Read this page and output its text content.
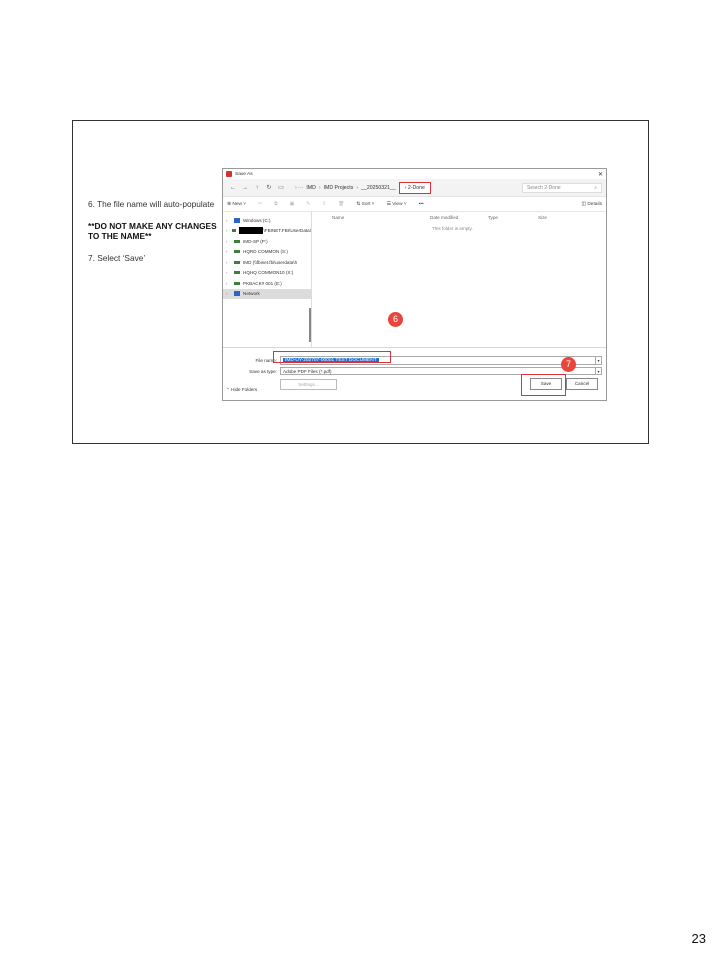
6. The file name will auto-populate

**DO NOT MAKE ANY CHANGES TO THE NAME**

7. Select ‘Save’

Save As	✕
←	→	↑	↻	▭	› ··· IMD › IMD Projects › __20250321__	› 2-Done	Search 2-Done	⌕
⊕ New ˅	✂	⧉	▣	✎	⇪	🗑	⇅ Sort ˅	☰ View ˅	•••	◫ Details
›	Windows (C:)
›	\FBINET.FBI\UserData\
›	IMD-SP (P:)
›	HQRD COMMON (S:)
›	IMD (\\fbinet.fbi\userdata\h
›	HQHQ COMMON10 (X:)
›	PKBACK# 001 (E:)
›	Network
Name	Date modified	Type	Size
This folder is empty.
File name:	IMD-UY-202707-00001 TEST DOCUMENT	▾
Save as type: Adobe PDF Files (*.pdf)	▾
Settings...
⌃ Hide Folders
Save	Cancel
6
7
23
